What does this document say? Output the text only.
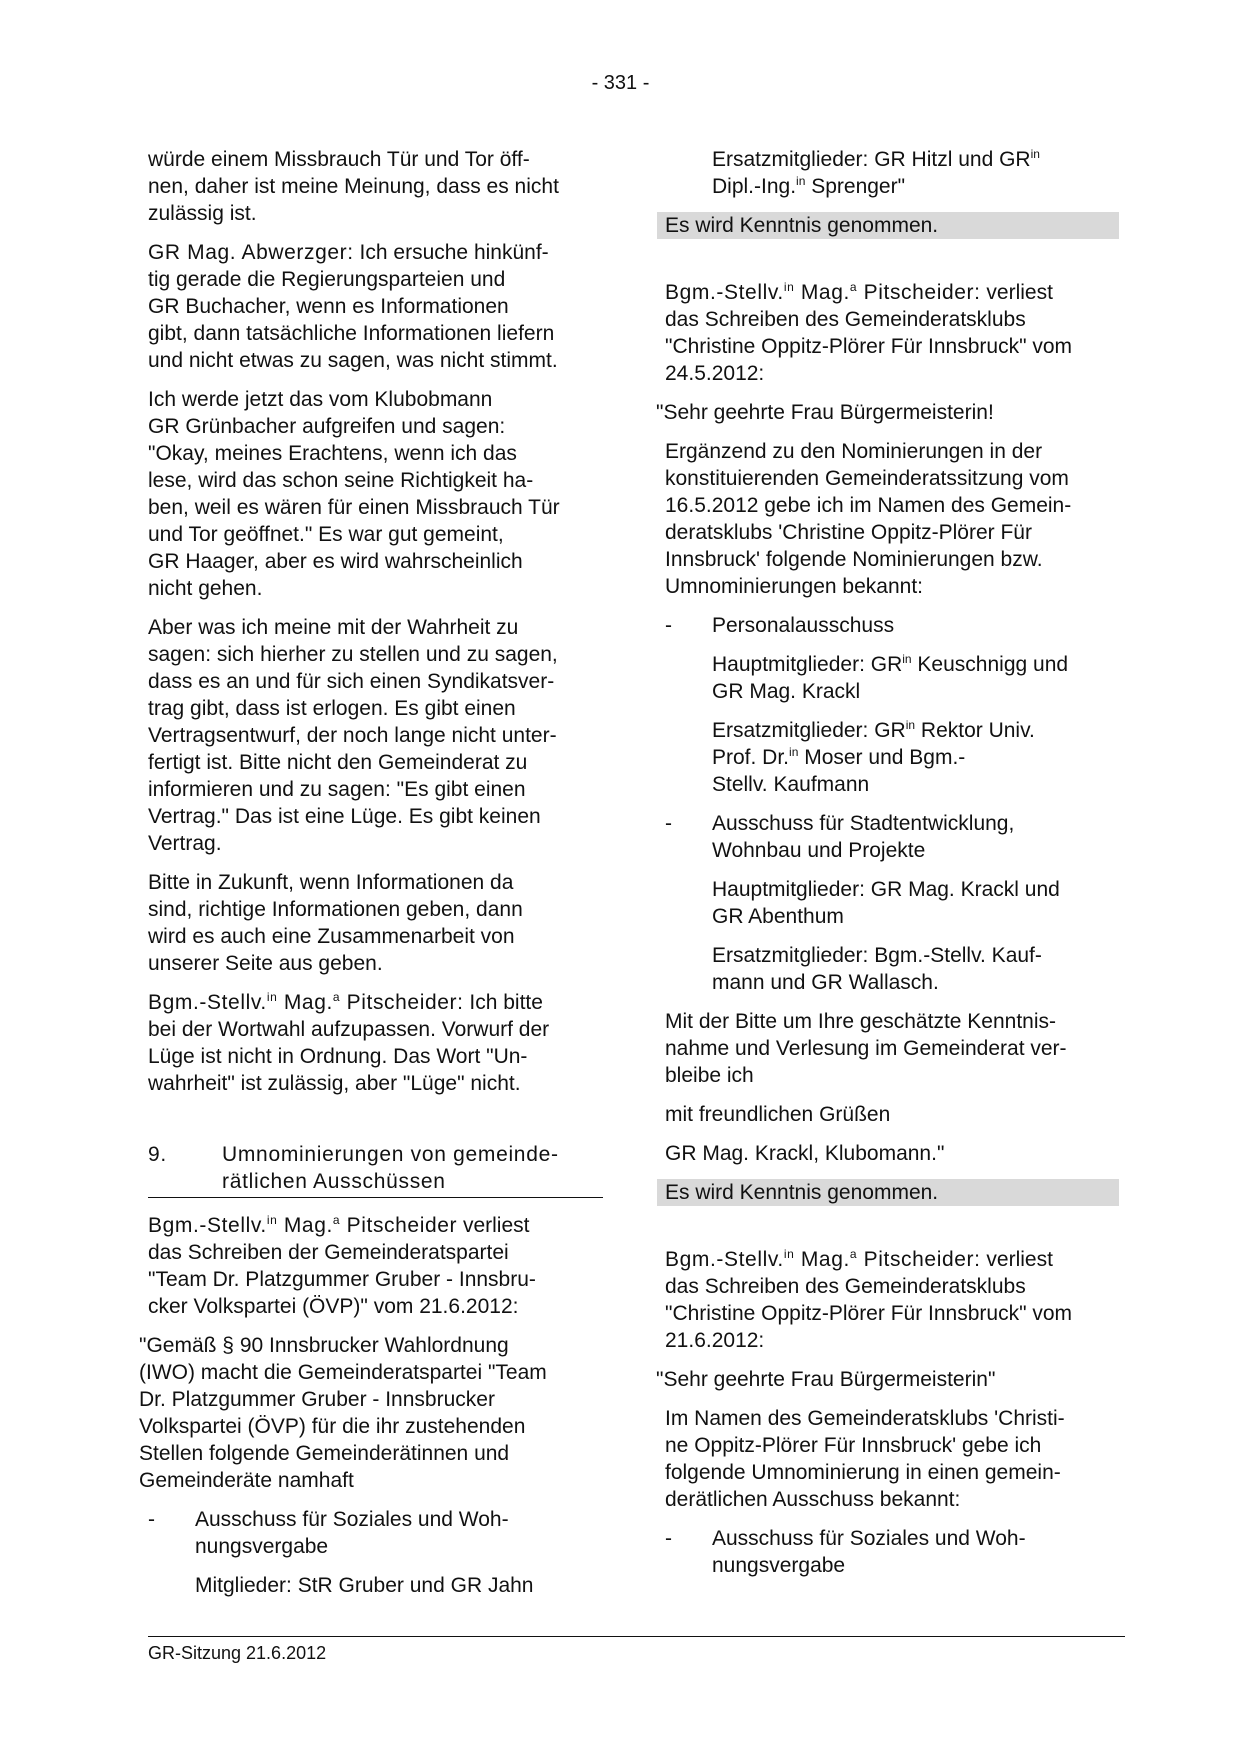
- 331 -

würde einem Missbrauch Tür und Tor öff-
nen, daher ist meine Meinung, dass es nicht
zulässig ist.

GR Mag. Abwerzger: Ich ersuche hinkünf-
tig gerade die Regierungsparteien und
GR Buchacher, wenn es Informationen
gibt, dann tatsächliche Informationen liefern
und nicht etwas zu sagen, was nicht stimmt.

Ich werde jetzt das vom Klubobmann
GR Grünbacher aufgreifen und sagen:
"Okay, meines Erachtens, wenn ich das
lese, wird das schon seine Richtigkeit ha-
ben, weil es wären für einen Missbrauch Tür
und Tor geöffnet." Es war gut gemeint,
GR Haager, aber es wird wahrscheinlich
nicht gehen.

Aber was ich meine mit der Wahrheit zu
sagen: sich hierher zu stellen und zu sagen,
dass es an und für sich einen Syndikatsver-
trag gibt, dass ist erlogen. Es gibt einen
Vertragsentwurf, der noch lange nicht unter-
fertigt ist. Bitte nicht den Gemeinderat zu
informieren und zu sagen: "Es gibt einen
Vertrag." Das ist eine Lüge. Es gibt keinen
Vertrag.

Bitte in Zukunft, wenn Informationen da
sind, richtige Informationen geben, dann
wird es auch eine Zusammenarbeit von
unserer Seite aus geben.

Bgm.-Stellv.$^{in}$ Mag.$^a$ Pitscheider: Ich bitte
bei der Wortwahl aufzupassen. Vorwurf der
Lüge ist nicht in Ordnung. Das Wort "Un-
wahrheit" ist zulässig, aber "Lüge" nicht.

9.	Umnominierungen von gemeinde-
rätlichen Ausschüssen

Bgm.-Stellv.$^{in}$ Mag.$^a$ Pitscheider verliest
das Schreiben der Gemeinderatspartei
"Team Dr. Platzgummer Gruber - Innsbru-
cker Volkspartei (ÖVP)" vom 21.6.2012:

"Gemäß § 90 Innsbrucker Wahlordnung
(IWO) macht die Gemeinderatspartei "Team
Dr. Platzgummer Gruber - Innsbrucker
Volkspartei (ÖVP) für die ihr zustehenden
Stellen folgende Gemeinderätinnen und
Gemeinderäte namhaft

-	Ausschuss für Soziales und Woh-
nungsvergabe

Mitglieder: StR Gruber und GR Jahn

Ersatzmitglieder: GR Hitzl und $GR^{in}$
Dipl.-Ing.$^{in}$ Sprenger"

Es wird Kenntnis genommen.

Bgm.-Stellv.$^{in}$ Mag.$^a$ Pitscheider: verliest
das Schreiben des Gemeinderatsklubs
"Christine Oppitz-Plörer Für Innsbruck" vom
24.5.2012:

"Sehr geehrte Frau Bürgermeisterin!

Ergänzend zu den Nominierungen in der
konstituierenden Gemeinderatssitzung vom
16.5.2012 gebe ich im Namen des Gemein-
deratsklubs 'Christine Oppitz-Plörer Für
Innsbruck' folgende Nominierungen bzw.
Umnominierungen bekannt:

-	Personalausschuss

Hauptmitglieder: $GR^{in}$ Keuschnigg und
GR Mag. Krackl

Ersatzmitglieder: $GR^{in}$ Rektor Univ.
Prof. Dr.$^{in}$ Moser und Bgm.-
Stellv. Kaufmann

-	Ausschuss für Stadtentwicklung,
Wohnbau und Projekte

Hauptmitglieder: GR Mag. Krackl und
GR Abenthum

Ersatzmitglieder: Bgm.-Stellv. Kauf-
mann und GR Wallasch.

Mit der Bitte um Ihre geschätzte Kenntnis-
nahme und Verlesung im Gemeinderat ver-
bleibe ich

mit freundlichen Grüßen

GR Mag. Krackl, Klubomann."

Es wird Kenntnis genommen.

Bgm.-Stellv.$^{in}$ Mag.$^a$ Pitscheider: verliest
das Schreiben des Gemeinderatsklubs
"Christine Oppitz-Plörer Für Innsbruck" vom
21.6.2012:

"Sehr geehrte Frau Bürgermeisterin"

Im Namen des Gemeinderatsklubs 'Christi-
ne Oppitz-Plörer Für Innsbruck' gebe ich
folgende Umnominierung in einen gemein-
derätlichen Ausschuss bekannt:

-	Ausschuss für Soziales und Woh-
nungsvergabe
GR-Sitzung 21.6.2012
